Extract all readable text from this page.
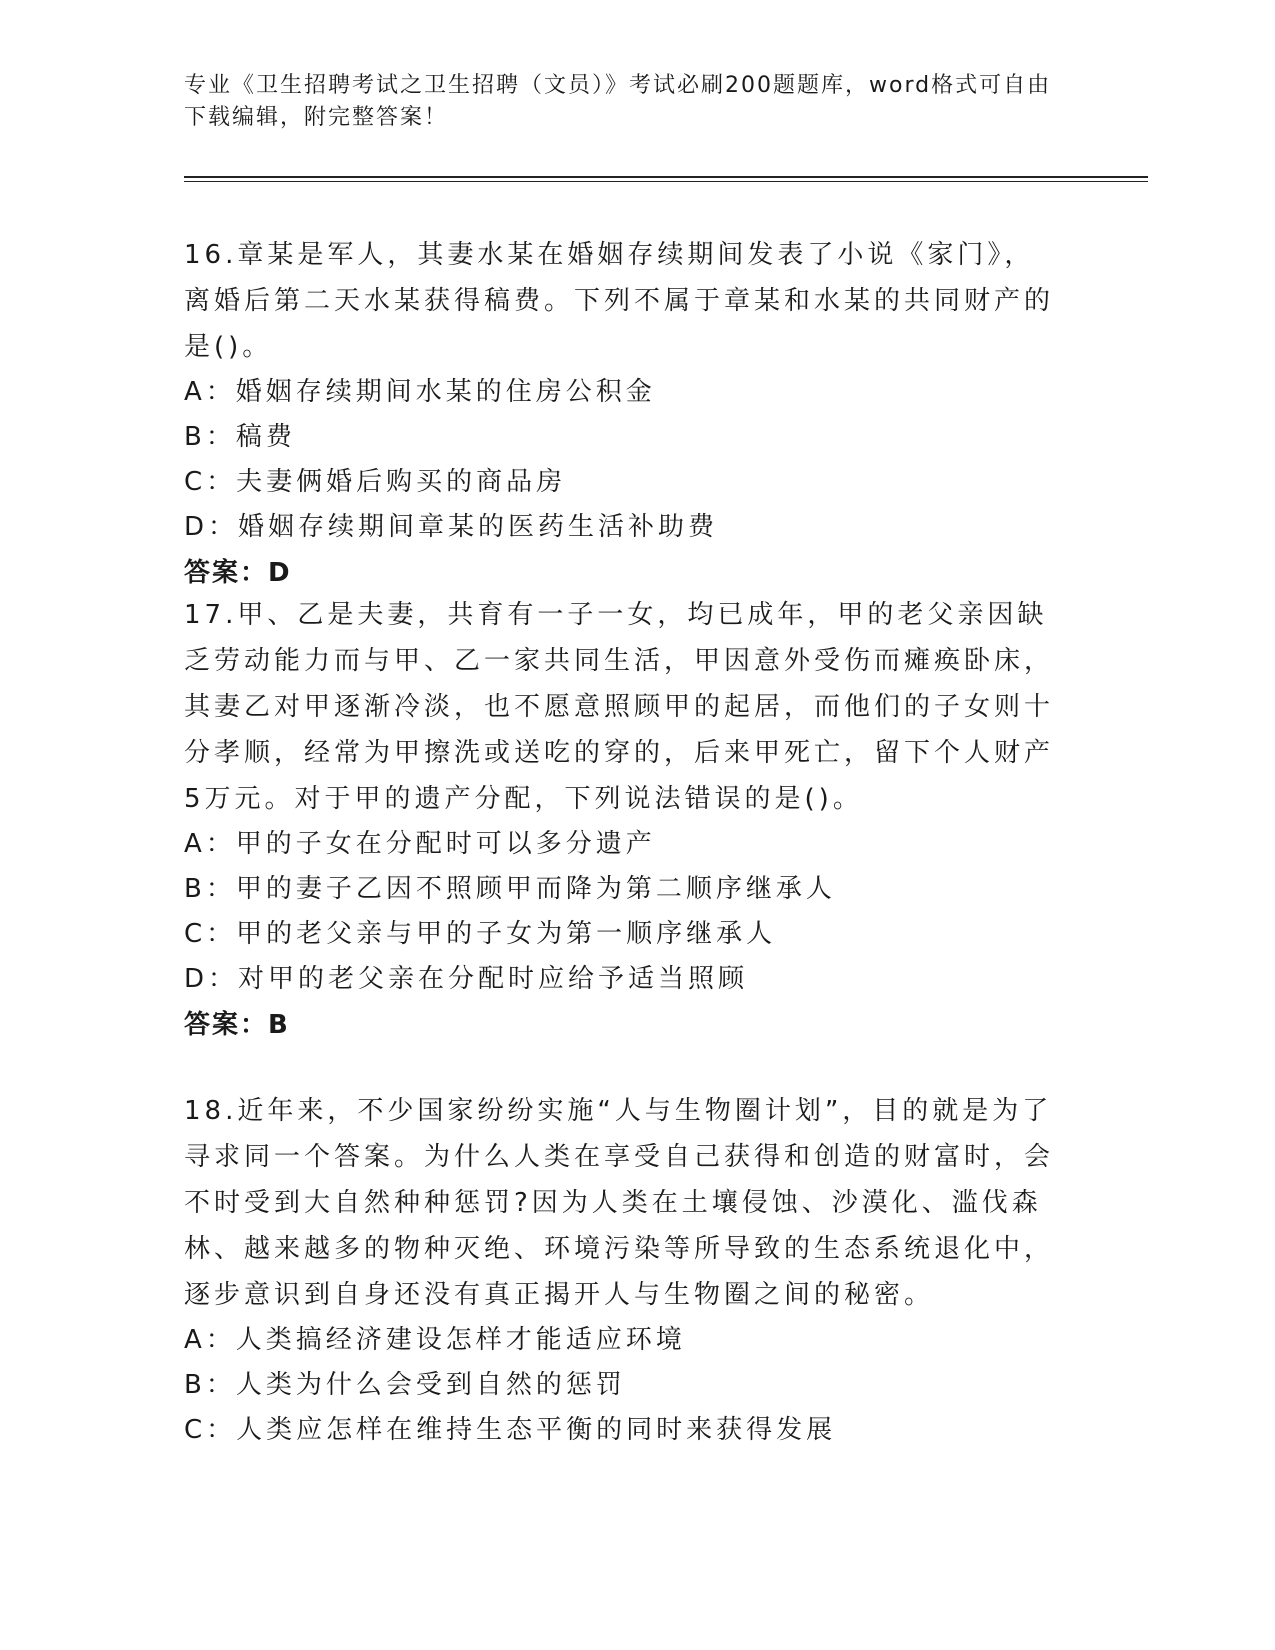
专业《卫生招聘考试之卫生招聘（文员）》考试必刷200题题库，word格式可自由下载编辑，附完整答案！

16.章某是军人，其妻水某在婚姻存续期间发表了小说《家门》，离婚后第二天水某获得稿费。下列不属于章某和水某的共同财产的是()。

A：婚姻存续期间水某的住房公积金

B：稿费

C：夫妻俩婚后购买的商品房

D：婚姻存续期间章某的医药生活补助费

答案：D

17.甲、乙是夫妻，共育有一子一女，均已成年，甲的老父亲因缺乏劳动能力而与甲、乙一家共同生活，甲因意外受伤而瘫痪卧床，其妻乙对甲逐渐冷淡，也不愿意照顾甲的起居，而他们的子女则十分孝顺，经常为甲擦洗或送吃的穿的，后来甲死亡，留下个人财产5万元。对于甲的遗产分配，下列说法错误的是()。

A：甲的子女在分配时可以多分遗产

B：甲的妻子乙因不照顾甲而降为第二顺序继承人

C：甲的老父亲与甲的子女为第一顺序继承人

D：对甲的老父亲在分配时应给予适当照顾

答案：B

18.近年来，不少国家纷纷实施“人与生物圈计划”，目的就是为了寻求同一个答案。为什么人类在享受自己获得和创造的财富时，会不时受到大自然种种惩罚?因为人类在土壤侵蚀、沙漠化、滥伐森林、越来越多的物种灭绝、环境污染等所导致的生态系统退化中，逐步意识到自身还没有真正揭开人与生物圈之间的秘密。

A：人类搞经济建设怎样才能适应环境

B：人类为什么会受到自然的惩罚

C：人类应怎样在维持生态平衡的同时来获得发展
